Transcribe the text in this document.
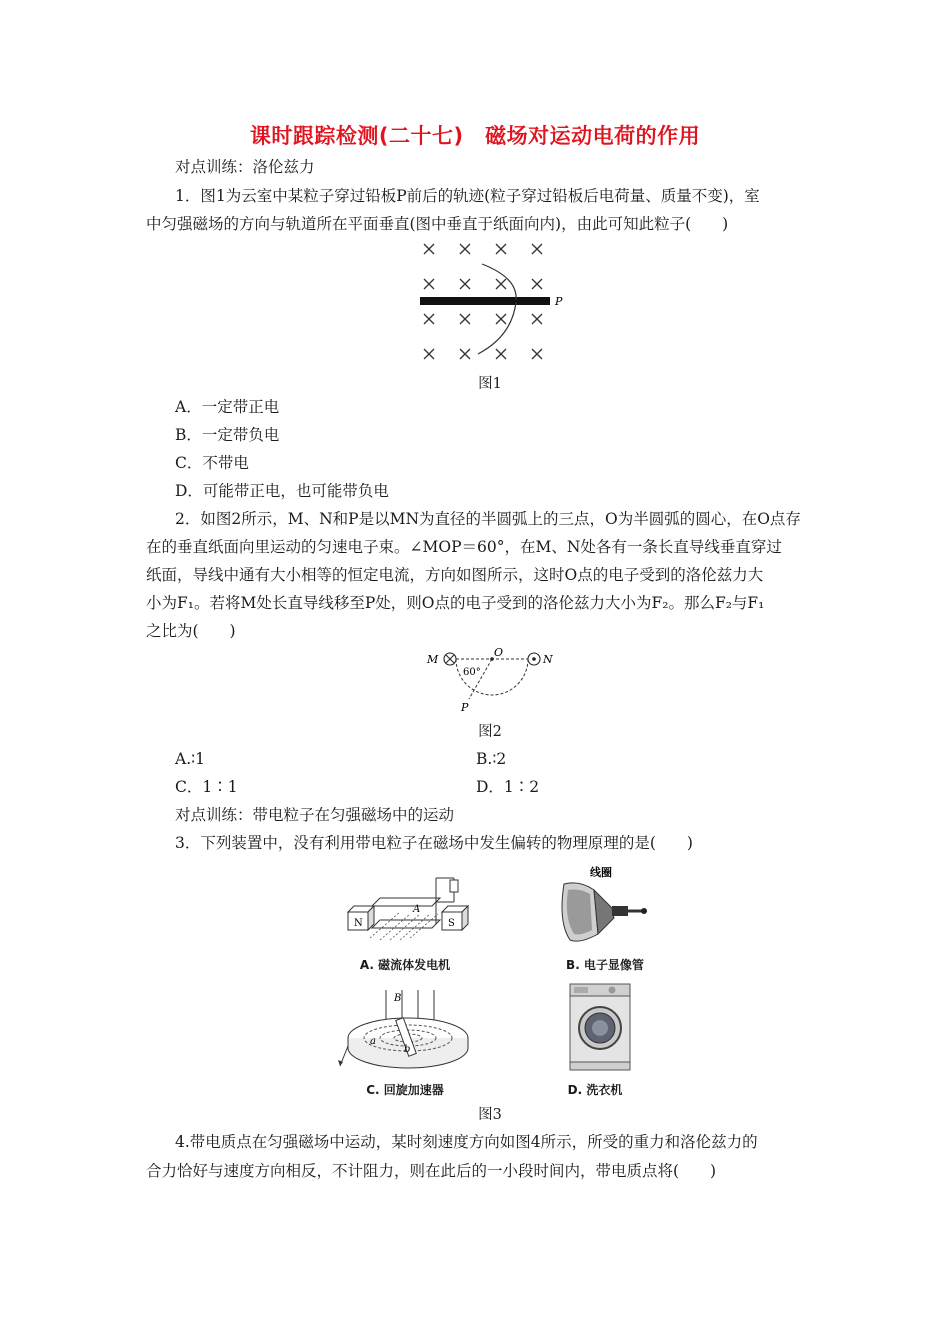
课时跟踪检测(二十七)　磁场对运动电荷的作用
对点训练：洛伦兹力
1．图1为云室中某粒子穿过铅板P前后的轨迹(粒子穿过铅板后电荷量、质量不变)，室
中匀强磁场的方向与轨道所在平面垂直(图中垂直于纸面向内)，由此可知此粒子(　　)
P
图1
A．一定带正电
B．一定带负电
C．不带电
D．可能带正电，也可能带负电
2．如图2所示，M、N和P是以MN为直径的半圆弧上的三点，O为半圆弧的圆心，在O点存
在的垂直纸面向里运动的匀速电子束。∠MOP＝60°，在M、N处各有一条长直导线垂直穿过
纸面，导线中通有大小相等的恒定电流，方向如图所示，这时O点的电子受到的洛伦兹力大
小为F₁。若将M处长直导线移至P处，则O点的电子受到的洛伦兹力大小为F₂。那么F₂与F₁
之比为(　　)
M	N
O
60°
P
图2
A.∶1	B.∶2
C．1∶1	D．1∶2
对点训练：带电粒子在匀强磁场中的运动
3．下列装置中，没有利用带电粒子在磁场中发生偏转的物理原理的是(　　)
N
A
S
A. 磁流体发电机
线圈
B. 电子显像管
B
a
b
C. 回旋加速器	D. 洗衣机
图3
4.带电质点在匀强磁场中运动，某时刻速度方向如图4所示，所受的重力和洛伦兹力的
合力恰好与速度方向相反，不计阻力，则在此后的一小段时间内，带电质点将(　　)
